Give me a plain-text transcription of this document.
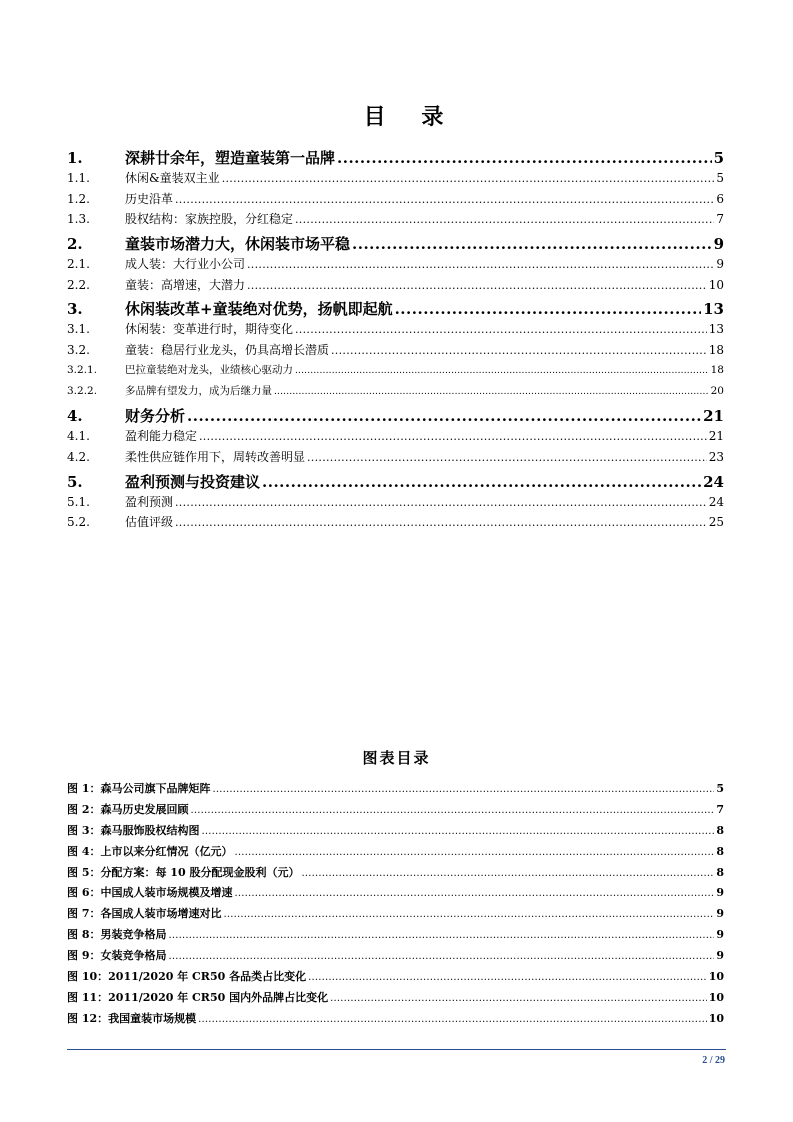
目 录
1.	深耕廿余年，塑造童装第一品牌 .....	5
1.1.	休闲&童装双主业 .....	5
1.2.	历史沿革 .....	6
1.3.	股权结构：家族控股，分红稳定 .....	7
2.	童装市场潜力大，休闲装市场平稳 .....	9
2.1.	成人装：大行业小公司 .....	9
2.2.	童装：高增速，大潜力 .....	10
3.	休闲装改革+童装绝对优势，扬帆即起航 .....	13
3.1.	休闲装：变革进行时，期待变化 .....	13
3.2.	童装：稳居行业龙头，仍具高增长潜质 .....	18
3.2.1.	巴拉童装绝对龙头，业绩核心驱动力 .....	18
3.2.2.	多品牌有望发力，成为后继力量 .....	20
4.	财务分析 .....	21
4.1.	盈利能力稳定 .....	21
4.2.	柔性供应链作用下，周转改善明显 .....	23
5.	盈利预测与投资建议 .....	24
5.1.	盈利预测 .....	24
5.2.	估值评级 .....	25
图表目录
图 1：森马公司旗下品牌矩阵 .....	5
图 2：森马历史发展回顾 .....	7
图 3：森马服饰股权结构图 .....	8
图 4：上市以来分红情况（亿元） .....	8
图 5：分配方案：每 10 股分配现金股利（元） .....	8
图 6：中国成人装市场规模及增速 .....	9
图 7：各国成人装市场增速对比 .....	9
图 8：男装竞争格局 .....	9
图 9：女装竞争格局 .....	9
图 10：2011/2020 年 CR50 各品类占比变化 .....	10
图 11：2011/2020 年 CR50 国内外品牌占比变化 .....	10
图 12：我国童装市场规模 .....	10
2 / 29
